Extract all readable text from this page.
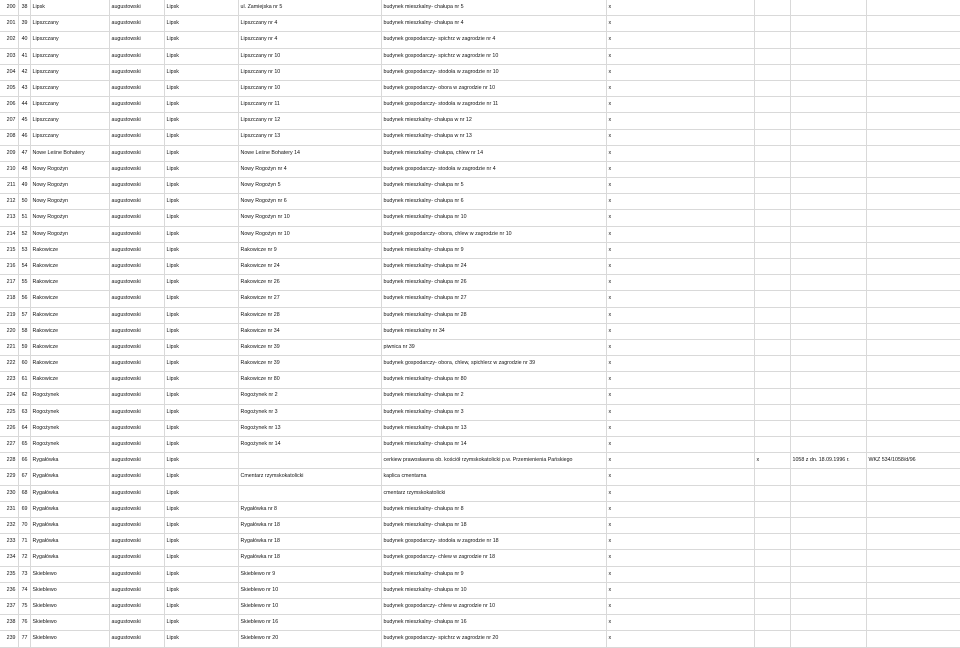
200	38	Lipsk	augustowski	Lipsk	ul. Zamiejska nr 5	budynek mieszkalny- chałupa nr 5	x			
201	39	Lipszczany	augustowski	Lipsk	Lipszczany nr 4	budynek mieszkalny- chałupa nr 4	x			
202	40	Lipszczany	augustowski	Lipsk	Lipszczany nr 4	budynek gospodarczy- spichrz w zagrodzie nr 4	x			
203	41	Lipszczany	augustowski	Lipsk	Lipszczany nr 10	budynek gospodarczy- spichrz w zagrodzie nr 10	x			
204	42	Lipszczany	augustowski	Lipsk	Lipszczany nr 10	budynek gospodarczy- stodoła w zagrodzie nr 10	x			
205	43	Lipszczany	augustowski	Lipsk	Lipszczany nr 10	budynek gospodarczy- obora w zagrodzie nr 10	x			
206	44	Lipszczany	augustowski	Lipsk	Lipszczany nr 11	budynek gospodarczy- stodoła w zagrodzie nr 11	x			
207	45	Lipszczany	augustowski	Lipsk	Lipszczany nr 12	budynek mieszkalny- chałupa w nr 12	x			
208	46	Lipszczany	augustowski	Lipsk	Lipszczany nr 13	budynek mieszkalny- chałupa w nr 13	x			
209	47	Nowe Leśne Bohatery	augustowski	Lipsk	Nowe Leśne Bohatery 14	budynek mieszkalny- chałupa, chlew nr 14	x			
210	48	Nowy Rogożyn	augustowski	Lipsk	Nowy Rogożyn nr 4	budynek gospodarczy- stodoła w zagrodzie nr 4	x			
211	49	Nowy Rogożyn	augustowski	Lipsk	Nowy Rogożyn 5	budynek mieszkalny- chałupa nr 5	x			
212	50	Nowy Rogożyn	augustowski	Lipsk	Nowy Rogożyn nr 6	budynek mieszkalny- chałupa nr 6	x			
213	51	Nowy Rogożyn	augustowski	Lipsk	Nowy Rogożyn nr 10	budynek mieszkalny- chałupa nr 10	x			
214	52	Nowy Rogożyn	augustowski	Lipsk	Nowy Rogożyn nr 10	budynek gospodarczy- obora, chlew w zagrodzie nr 10	x			
215	53	Rakowicze	augustowski	Lipsk	Rakowicze nr 9	budynek mieszkalny- chałupa nr 9	x			
216	54	Rakowicze	augustowski	Lipsk	Rakowicze nr 24	budynek mieszkalny- chałupa nr 24	x			
217	55	Rakowicze	augustowski	Lipsk	Rakowicze nr 26	budynek mieszkalny- chałupa nr 26	x			
218	56	Rakowicze	augustowski	Lipsk	Rakowicze nr 27	budynek mieszkalny- chałupa nr 27	x			
219	57	Rakowicze	augustowski	Lipsk	Rakowicze nr 28	budynek mieszkalny- chałupa nr 28	x			
220	58	Rakowicze	augustowski	Lipsk	Rakowicze nr 34	budynek mieszkalny nr 34	x			
221	59	Rakowicze	augustowski	Lipsk	Rakowicze nr 39	piwnica nr 39	x			
222	60	Rakowicze	augustowski	Lipsk	Rakowicze nr 39	budynek gospodarczy- obora, chlew, spichlerz w zagrodzie nr 39	x			
223	61	Rakowicze	augustowski	Lipsk	Rakowicze nr 80	budynek mieszkalny- chałupa nr 80	x			
224	62	Rogożynek	augustowski	Lipsk	Rogożynek nr 2	budynek mieszkalny- chałupa nr 2	x			
225	63	Rogożynek	augustowski	Lipsk	Rogożynek nr 3	budynek mieszkalny- chałupa nr 3	x			
226	64	Rogożynek	augustowski	Lipsk	Rogożynek nr 13	budynek mieszkalny- chałupa nr 13	x			
227	65	Rogożynek	augustowski	Lipsk	Rogożynek nr 14	budynek mieszkalny- chałupa nr 14	x			
228	66	Rygałówka	augustowski	Lipsk		cerkiew prawosławna ob. kościół rzymskokatolicki p.w. Przemienienia Pańskiego	x	x	1058 z dn. 18.09.1996 r.	WKZ 534/1058/d/96
229	67	Rygałówka	augustowski	Lipsk	Cmentarz rzymskokatolicki	kaplica cmentarna	x			
230	68	Rygałówka	augustowski	Lipsk		cmentarz rzymskokatolicki	x			
231	69	Rygałówka	augustowski	Lipsk	Rygałówka nr 8	budynek mieszkalny- chałupa nr 8	x			
232	70	Rygałówka	augustowski	Lipsk	Rygałówka nr 18	budynek mieszkalny- chałupa nr 18	x			
233	71	Rygałówka	augustowski	Lipsk	Rygałówka nr 18	budynek gospodarczy- stodoła w zagrodzie nr 18	x			
234	72	Rygałówka	augustowski	Lipsk	Rygałówka nr 18	budynek gospodarczy- chlew w zagrodzie nr 18	x			
235	73	Skieblewo	augustowski	Lipsk	Skieblewo nr 9	budynek mieszkalny- chałupa nr 9	x			
236	74	Skieblewo	augustowski	Lipsk	Skieblewo nr 10	budynek mieszkalny- chałupa nr 10	x			
237	75	Skieblewo	augustowski	Lipsk	Skieblewo nr 10	budynek gospodarczy- chlew w zagrodzie nr 10	x			
238	76	Skieblewo	augustowski	Lipsk	Skieblewo nr 16	budynek mieszkalny- chałupa nr 16	x			
239	77	Skieblewo	augustowski	Lipsk	Skieblewo nr 20	budynek gospodarczy- spichrz w zagrodzie nr 20	x			
